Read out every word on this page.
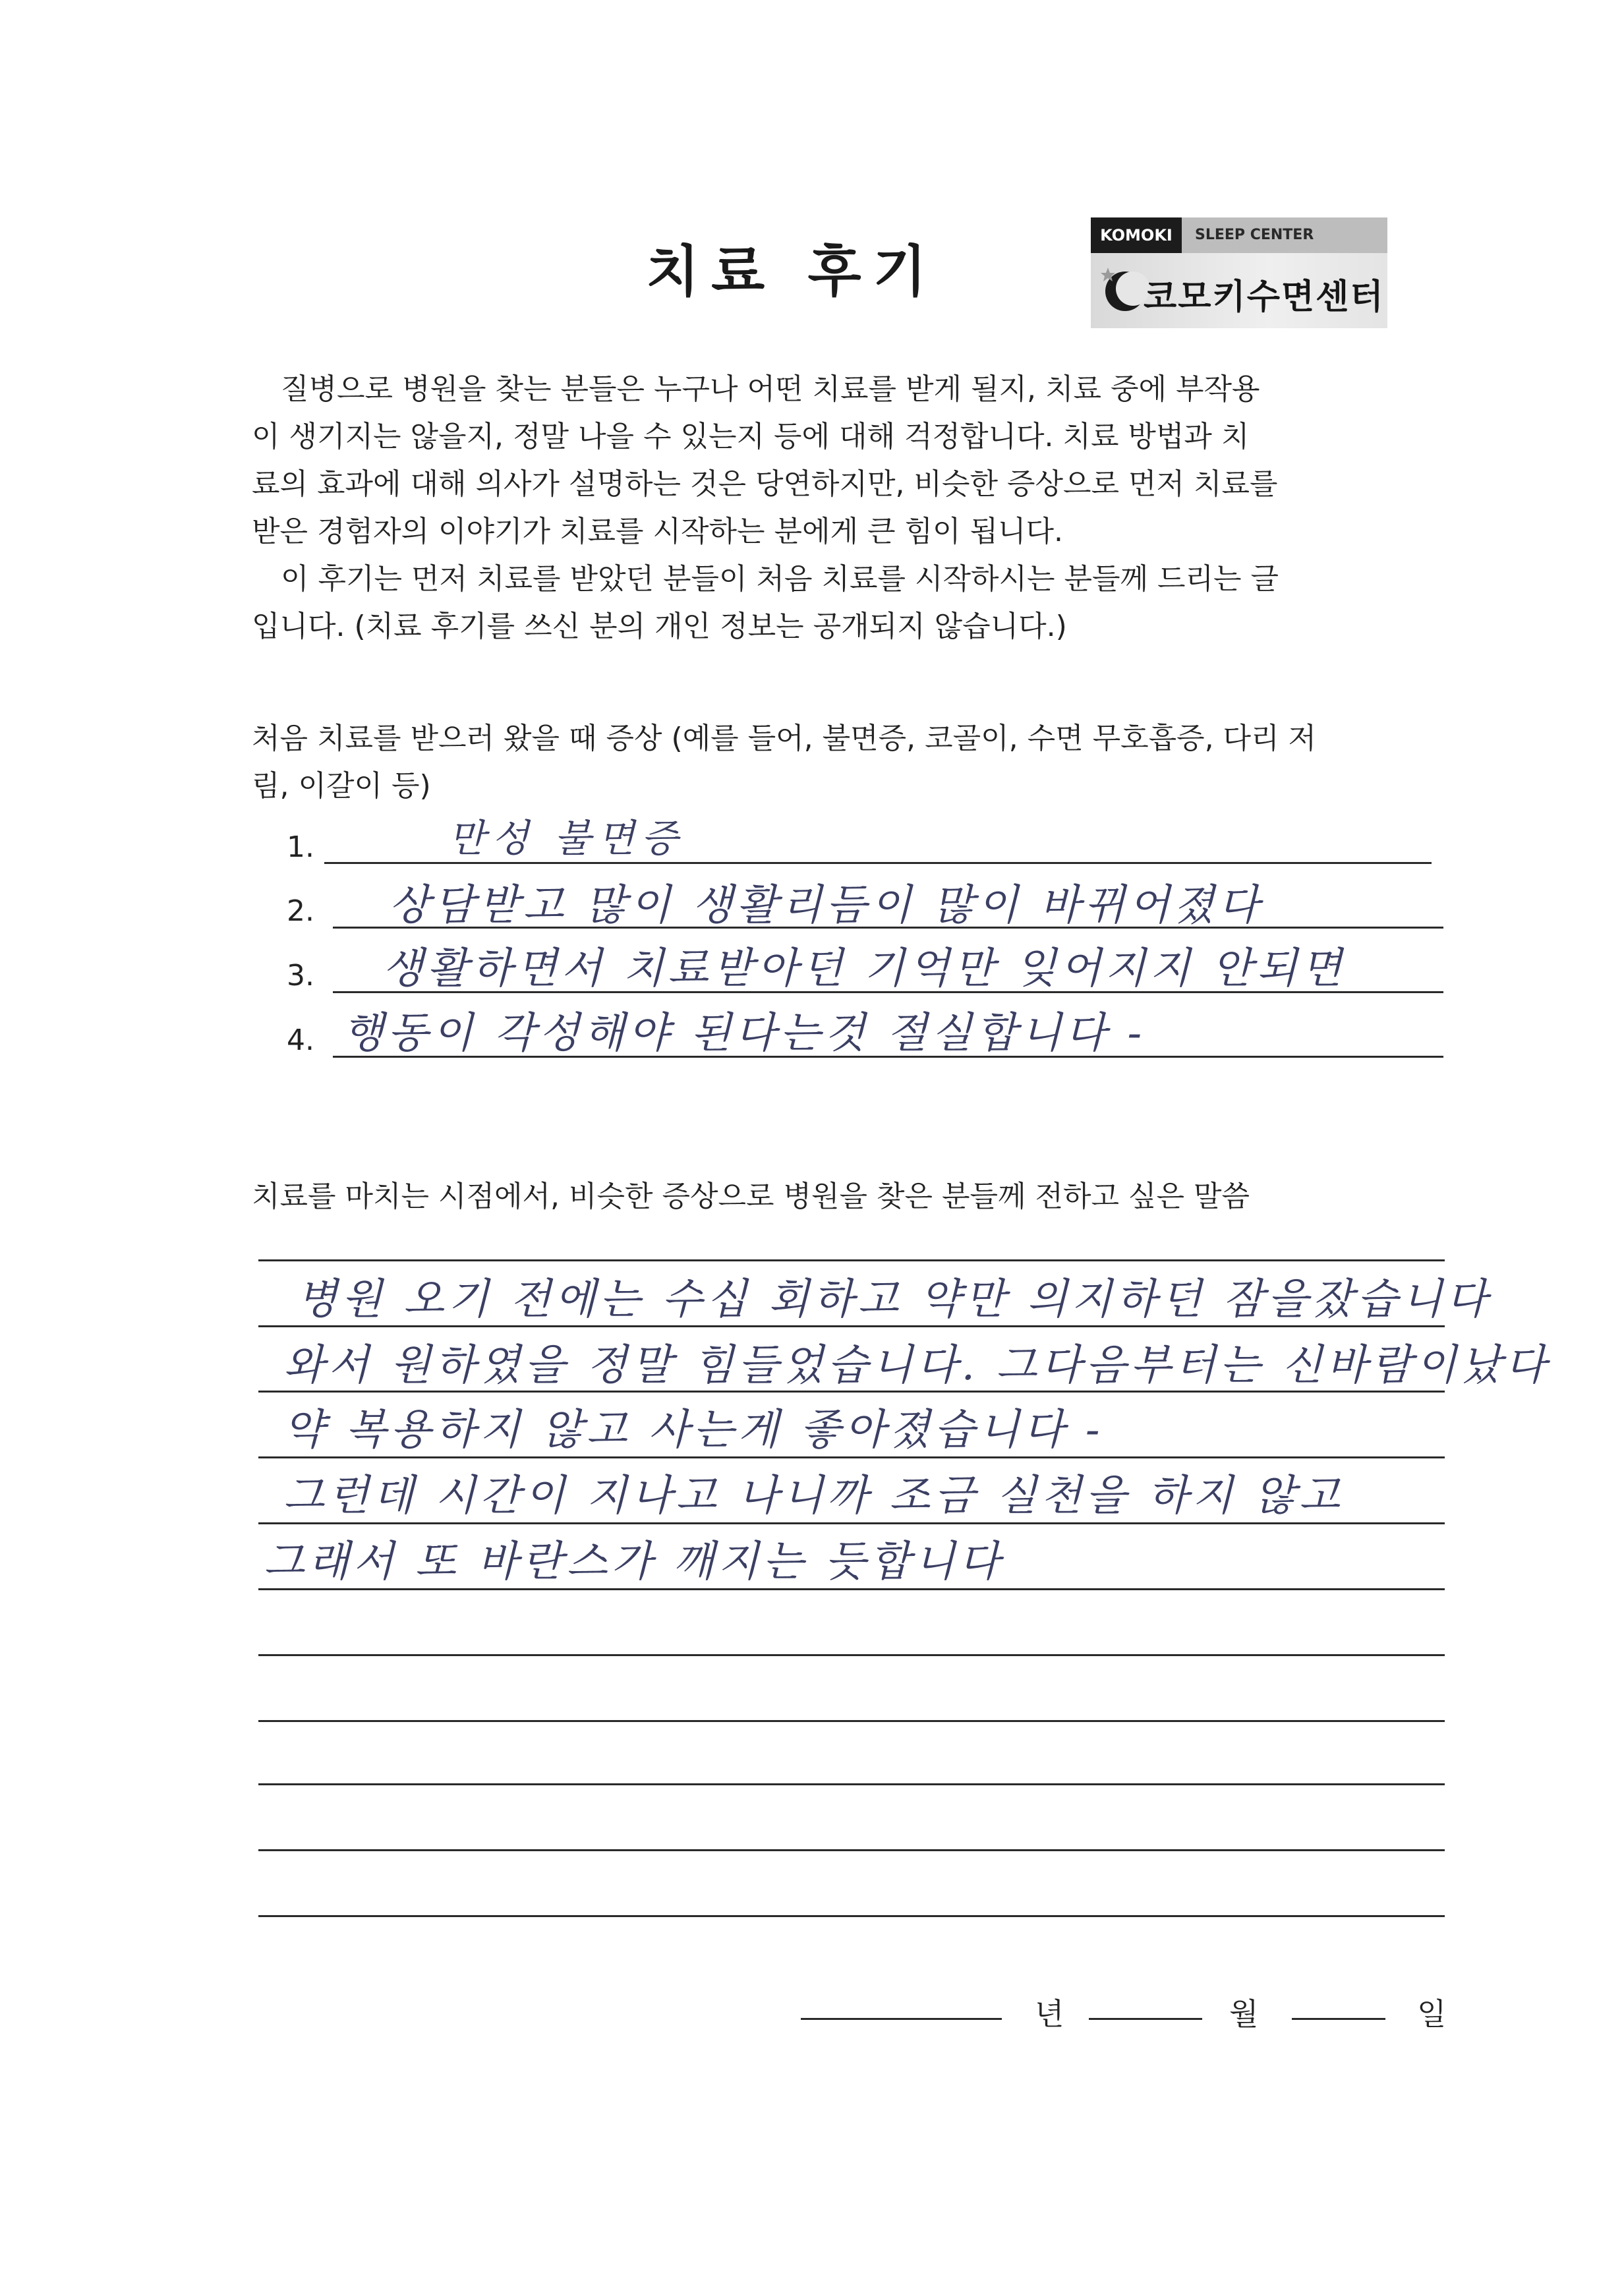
치료 후기
KOMOKI	SLEEP CENTER
코모키수면센터
질병으로 병원을 찾는 분들은 누구나 어떤 치료를 받게 될지, 치료 중에 부작용
이 생기지는 않을지, 정말 나을 수 있는지 등에 대해 걱정합니다. 치료 방법과 치
료의 효과에 대해 의사가 설명하는 것은 당연하지만, 비슷한 증상으로 먼저 치료를
받은 경험자의 이야기가 치료를 시작하는 분에게 큰 힘이 됩니다.
이 후기는 먼저 치료를 받았던 분들이 처음 치료를 시작하시는 분들께 드리는 글
입니다. (치료 후기를 쓰신 분의 개인 정보는 공개되지 않습니다.)
처음 치료를 받으러 왔을 때 증상 (예를 들어, 불면증, 코골이, 수면 무호흡증, 다리 저
림, 이갈이 등)
1.	만성 불면증
2. 상담받고 많이 생활리듬이 많이 바뀌어졌다
3. 생활하면서 치료받아던 기억만 잊어지지 안되면
4. 행동이 각성해야 된다는것 절실합니다 -
치료를 마치는 시점에서, 비슷한 증상으로 병원을 찾은 분들께 전하고 싶은 말씀
병원 오기 전에는 수십 회하고 약만 의지하던 잠을잤습니다
와서 원하였을 정말 힘들었습니다. 그다음부터는 신바람이났다
약 복용하지 않고 사는게 좋아졌습니다 -
그런데 시간이 지나고 나니까 조금 실천을 하지 않고
그래서 또 바란스가 깨지는 듯합니다
년	월	일
